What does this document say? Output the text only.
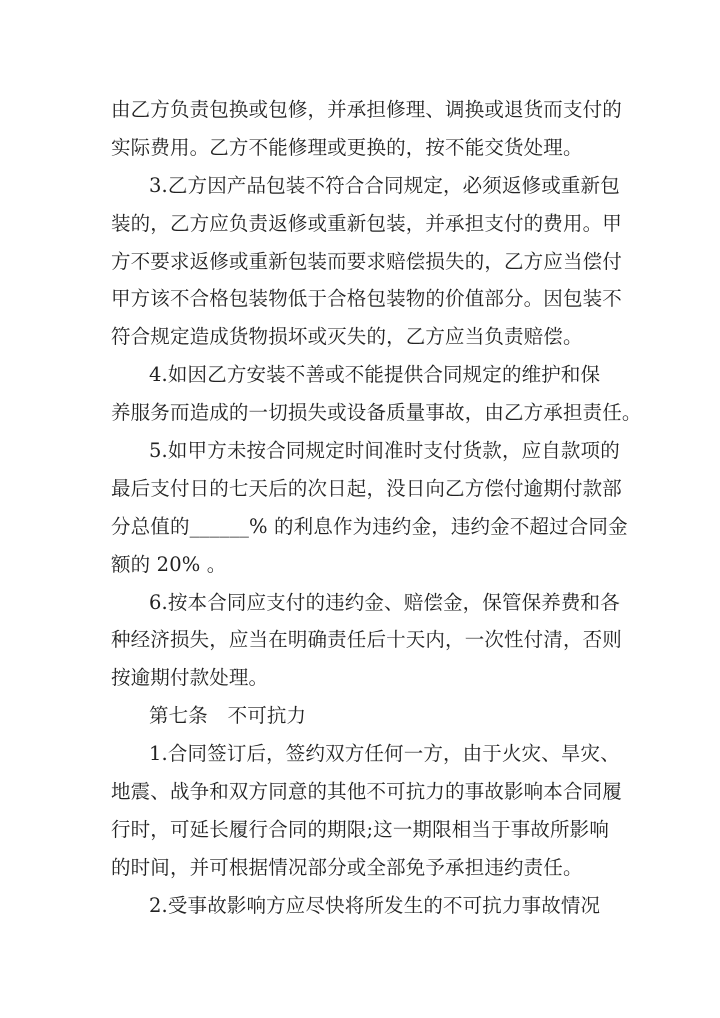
由乙方负责包换或包修，并承担修理、调换或退货而支付的
实际费用。乙方不能修理或更换的，按不能交货处理。
3.乙方因产品包装不符合合同规定，必须返修或重新包
装的，乙方应负责返修或重新包装，并承担支付的费用。甲
方不要求返修或重新包装而要求赔偿损失的，乙方应当偿付
甲方该不合格包装物低于合格包装物的价值部分。因包装不
符合规定造成货物损坏或灭失的，乙方应当负责赔偿。
4.如因乙方安装不善或不能提供合同规定的维护和保
养服务而造成的一切损失或设备质量事故，由乙方承担责任。
5.如甲方未按合同规定时间准时支付货款，应自款项的
最后支付日的七天后的次日起，没日向乙方偿付逾期付款部
分总值的______% 的利息作为违约金，违约金不超过合同金
额的 20% 。
6.按本合同应支付的违约金、赔偿金，保管保养费和各
种经济损失，应当在明确责任后十天内，一次性付清，否则
按逾期付款处理。
第七条　不可抗力
1.合同签订后，签约双方任何一方，由于火灾、旱灾、
地震、战争和双方同意的其他不可抗力的事故影响本合同履
行时，可延长履行合同的期限;这一期限相当于事故所影响
的时间，并可根据情况部分或全部免予承担违约责任。
2.受事故影响方应尽快将所发生的不可抗力事故情况
